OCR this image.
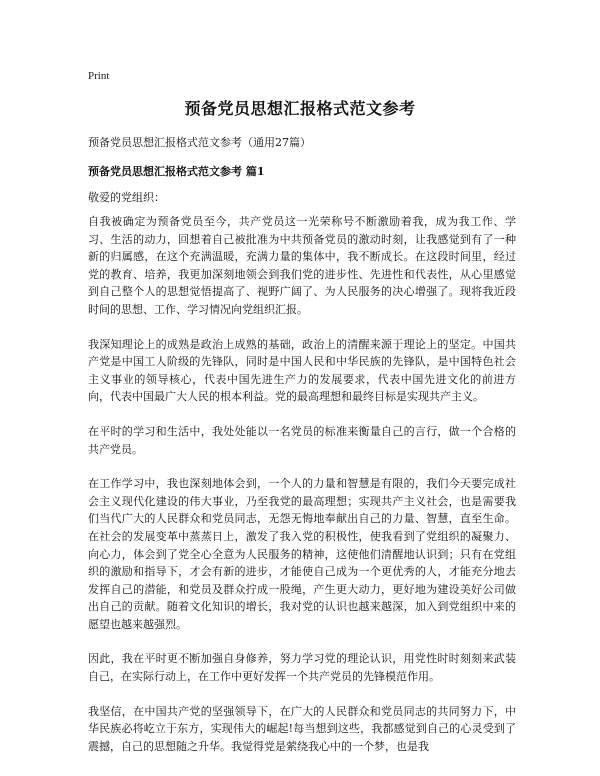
Print
预备党员思想汇报格式范文参考
预备党员思想汇报格式范文参考（通用27篇）
预备党员思想汇报格式范文参考 篇1
敬爱的党组织：

自我被确定为预备党员至今，共产党员这一光荣称号不断激励着我，成为我工作、学习、生活的动力，回想着自己被批准为中共预备党员的激动时刻，让我感觉到有了一种新的归属感，在这个充满温暖，充满力量的集体中，我不断成长。在这段时间里，经过党的教育、培养，我更加深刻地领会到我们党的进步性、先进性和代表性，从心里感觉到自己整个人的思想觉悟提高了、视野广阔了、为人民服务的决心增强了。现将我近段时间的思想、工作、学习情况向党组织汇报。

我深知理论上的成熟是政治上成熟的基础，政治上的清醒来源于理论上的坚定。中国共产党是中国工人阶级的先锋队，同时是中国人民和中华民族的先锋队，是中国特色社会主义事业的领导核心，代表中国先进生产力的发展要求，代表中国先进文化的前进方向，代表中国最广大人民的根本利益。党的最高理想和最终目标是实现共产主义。

在平时的学习和生活中，我处处能以一名党员的标准来衡量自己的言行，做一个合格的共产党员。

在工作学习中，我也深刻地体会到，一个人的力量和智慧是有限的，我们今天要完成社会主义现代化建设的伟大事业，乃至我党的最高理想；实现共产主义社会，也是需要我们当代广大的人民群众和党员同志，无怨无悔地奉献出自己的力量、智慧，直至生命。在社会的发展变革中蒸蒸日上，激发了我入党的积极性，使我看到了党组织的凝聚力、向心力，体会到了党全心全意为人民服务的精神，这使他们清醒地认识到；只有在党组织的激励和指导下，才会有新的进步，才能使自己成为一个更优秀的人，才能充分地去发挥自己的潜能，和党员及群众拧成一股绳，产生更大动力，更好地为建设美好公司做出自己的贡献。随着文化知识的增长，我对党的认识也越来越深，加入到党组织中来的愿望也越来越强烈。

因此，我在平时更不断加强自身修养，努力学习党的理论认识，用党性时时刻刻来武装自己，在实际行动上，在工作中更好发挥一个共产党员的先锋模范作用。

我坚信，在中国共产党的坚强领导下，在广大的人民群众和党员同志的共同努力下，中华民族必将屹立于东方，实现伟大的崛起!每当想到这些，我都感觉到自己的心灵受到了震撼，自己的思想随之升华。我觉得党是萦绕我心中的一个梦，也是我
